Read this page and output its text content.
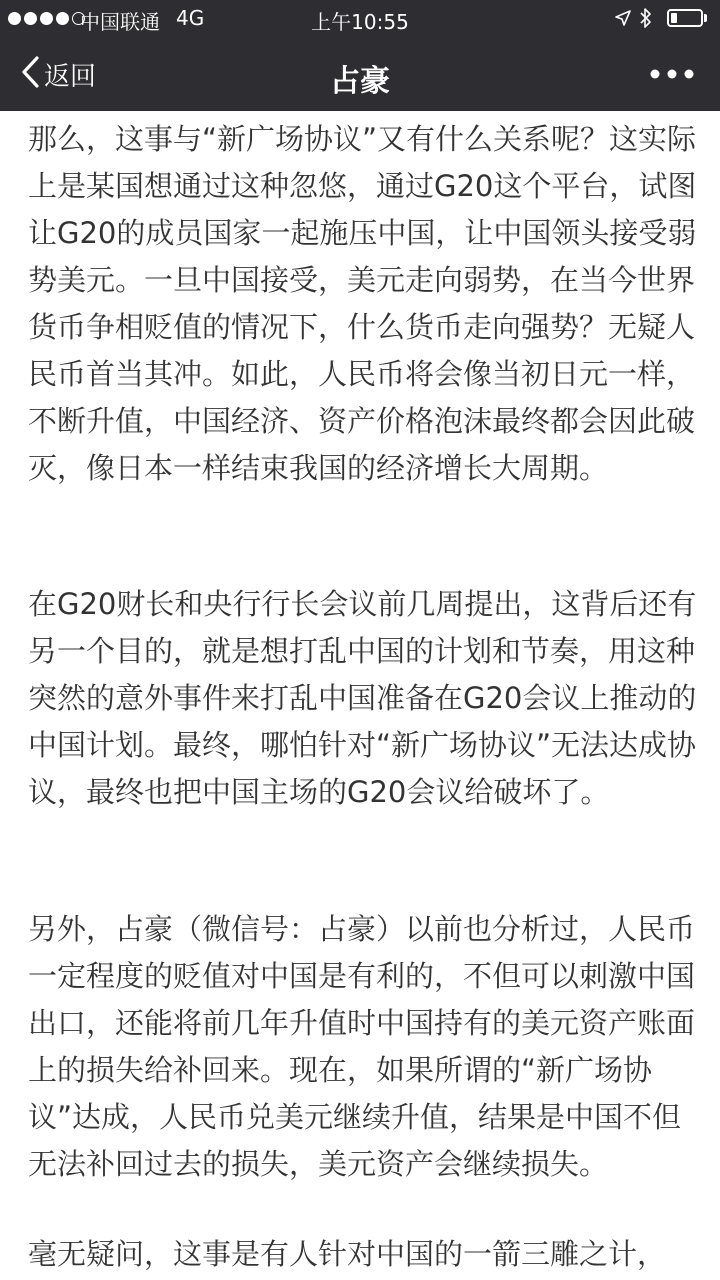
中国联通 4G	上午10:55
返回	占豪

那么，这事与“新广场协议”又有什么关系呢？这实际上是某国想通过这种忽悠，通过G20这个平台，试图让G20的成员国家一起施压中国，让中国领头接受弱势美元。一旦中国接受，美元走向弱势，在当今世界货币争相贬值的情况下，什么货币走向强势？无疑人民币首当其冲。如此，人民币将会像当初日元一样，不断升值，中国经济、资产价格泡沫最终都会因此破灭，像日本一样结束我国的经济增长大周期。

在G20财长和央行行长会议前几周提出，这背后还有另一个目的，就是想打乱中国的计划和节奏，用这种突然的意外事件来打乱中国准备在G20会议上推动的中国计划。最终，哪怕针对“新广场协议”无法达成协议，最终也把中国主场的G20会议给破坏了。

另外，占豪（微信号：占豪）以前也分析过，人民币一定程度的贬值对中国是有利的，不但可以刺激中国出口，还能将前几年升值时中国持有的美元资产账面上的损失给补回来。现在，如果所谓的“新广场协议”达成，人民币兑美元继续升值，结果是中国不但无法补回过去的损失，美元资产会继续损失。

毫无疑问，这事是有人针对中国的一箭三雕之计，
